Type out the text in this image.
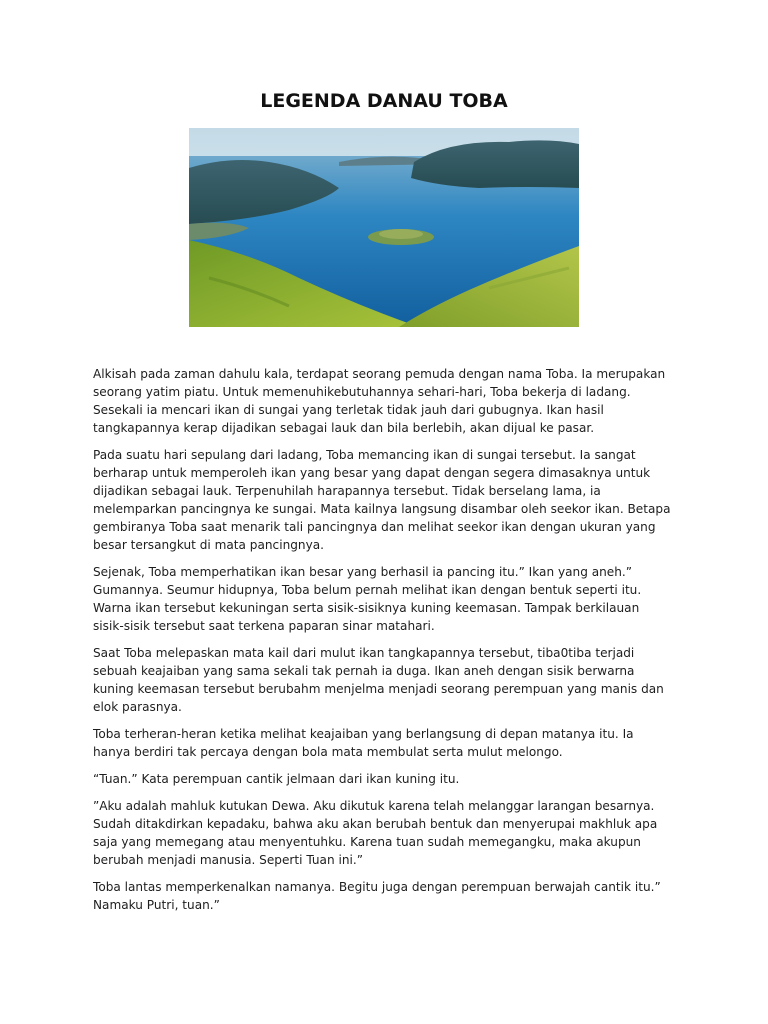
LEGENDA DANAU TOBA

Alkisah pada zaman dahulu kala, terdapat seorang pemuda dengan nama Toba. Ia merupakan seorang yatim piatu. Untuk memenuhikebutuhannya sehari-hari, Toba bekerja di ladang. Sesekali ia mencari ikan di sungai yang terletak tidak jauh dari gubugnya. Ikan hasil tangkapannya kerap dijadikan sebagai lauk dan bila berlebih, akan dijual ke pasar.

Pada suatu hari sepulang dari ladang, Toba memancing ikan di sungai tersebut. Ia sangat berharap untuk memperoleh ikan yang besar yang dapat dengan segera dimasaknya untuk dijadikan sebagai lauk. Terpenuhilah harapannya tersebut. Tidak berselang lama, ia melemparkan pancingnya ke sungai. Mata kailnya langsung disambar oleh seekor ikan. Betapa gembiranya Toba saat menarik tali pancingnya dan melihat seekor ikan dengan ukuran yang besar tersangkut di mata pancingnya.

Sejenak, Toba memperhatikan ikan besar yang berhasil ia pancing itu.” Ikan yang aneh.” Gumannya. Seumur hidupnya, Toba belum pernah melihat ikan dengan bentuk seperti itu. Warna ikan tersebut kekuningan serta sisik-sisiknya kuning keemasan. Tampak berkilauan sisik-sisik tersebut saat terkena paparan sinar matahari.

Saat Toba melepaskan mata kail dari mulut ikan tangkapannya tersebut, tiba0tiba terjadi sebuah keajaiban yang sama sekali tak pernah ia duga. Ikan aneh dengan sisik berwarna kuning keemasan tersebut berubahm menjelma menjadi seorang perempuan yang manis dan elok parasnya.

Toba terheran-heran ketika melihat keajaiban yang berlangsung di depan matanya itu. Ia hanya berdiri tak percaya dengan bola mata membulat serta mulut melongo.

“Tuan.” Kata perempuan cantik jelmaan dari ikan kuning itu.

”Aku adalah mahluk kutukan Dewa. Aku dikutuk karena telah melanggar larangan besarnya. Sudah ditakdirkan kepadaku, bahwa aku akan berubah bentuk dan menyerupai makhluk apa saja yang memegang atau menyentuhku. Karena tuan sudah memegangku, maka akupun berubah menjadi manusia. Seperti Tuan ini.”

Toba lantas memperkenalkan namanya. Begitu juga dengan perempuan berwajah cantik itu.” Namaku Putri, tuan.”
